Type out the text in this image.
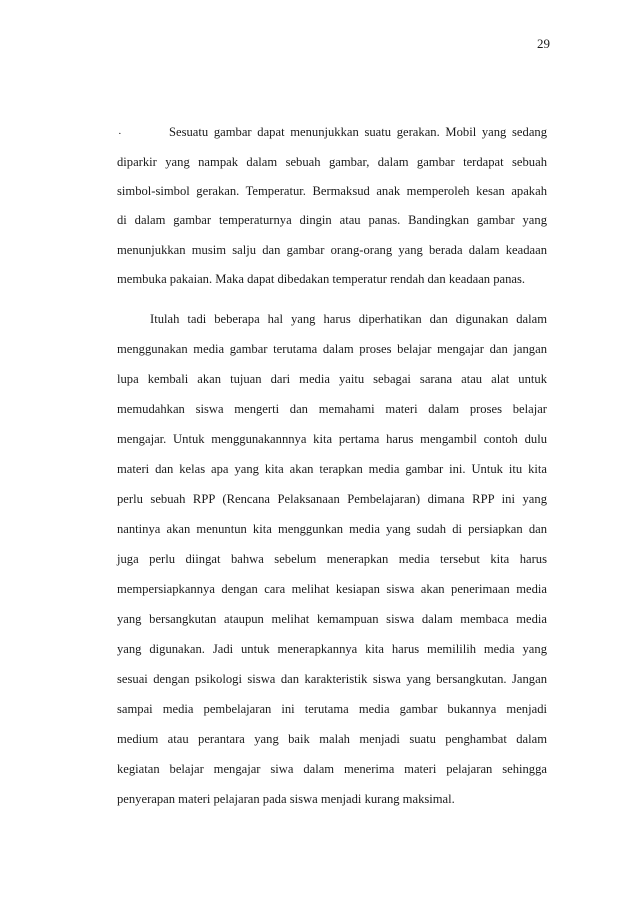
29
·	Sesuatu gambar dapat menunjukkan suatu gerakan. Mobil yang sedang
diparkir yang nampak dalam sebuah gambar, dalam gambar terdapat sebuah
simbol-simbol gerakan. Temperatur. Bermaksud anak memperoleh kesan apakah
di dalam gambar temperaturnya dingin atau panas. Bandingkan gambar yang
menunjukkan musim salju dan gambar orang-orang yang berada dalam keadaan
membuka pakaian. Maka dapat dibedakan temperatur rendah dan keadaan panas.
Itulah tadi beberapa hal yang harus diperhatikan dan digunakan dalam
menggunakan media gambar terutama dalam proses belajar mengajar dan jangan
lupa kembali akan tujuan dari media yaitu sebagai sarana atau alat untuk
memudahkan siswa mengerti dan memahami materi dalam proses belajar
mengajar. Untuk menggunakannnya kita pertama harus mengambil contoh dulu
materi dan kelas apa yang kita akan terapkan media gambar ini. Untuk itu kita
perlu sebuah RPP (Rencana Pelaksanaan Pembelajaran) dimana RPP ini yang
nantinya akan menuntun kita menggunkan media yang sudah di persiapkan dan
juga perlu diingat bahwa sebelum menerapkan media tersebut kita harus
mempersiapkannya dengan cara melihat kesiapan siswa akan penerimaan media
yang bersangkutan ataupun melihat kemampuan siswa dalam membaca media
yang digunakan. Jadi untuk menerapkannya kita harus memililih media yang
sesuai dengan psikologi siswa dan karakteristik siswa yang bersangkutan. Jangan
sampai media pembelajaran ini terutama media gambar bukannya menjadi
medium atau perantara yang baik malah menjadi suatu penghambat dalam
kegiatan belajar mengajar siwa dalam menerima materi pelajaran sehingga
penyerapan materi pelajaran pada siswa menjadi kurang maksimal.
